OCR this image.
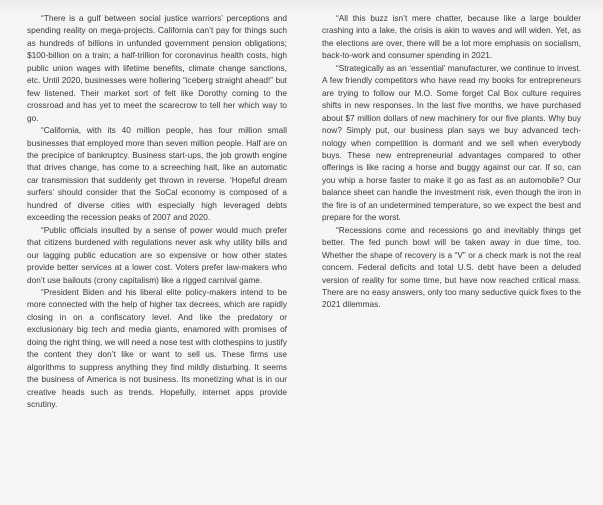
“There is a gulf between social justice warriors’ perceptions and spending reality on mega-projects. California can’t pay for things such as hundreds of billions in unfunded government pension obligations; $100-billion on a train; a half-trillion for coronavirus health costs, high public union wages with lifetime benefits, climate change sanctions, etc. Until 2020, businesses were hollering “iceberg straight ahead!” but few listened. Their market sort of felt like Dorothy coming to the crossroad and has yet to meet the scarecrow to tell her which way to go.

“California, with its 40 million people, has four million small businesses that employed more than seven million people. Half are on the precipice of bankruptcy. Business start-ups, the job growth engine that drives change, has come to a screeching halt, like an automatic car transmission that suddenly get thrown in reverse. ‘Hopeful dream surfers’ should consider that the SoCal economy is composed of a hundred of diverse cities with especially high leveraged debts exceeding the recession peaks of 2007 and 2020.

“Public officials insulted by a sense of power would much prefer that citizens burdened with regulations never ask why utility bills and our lagging public education are so expensive or how other states provide better services at a lower cost. Voters prefer law-makers who don’t use bailouts (crony capitalism) like a rigged carnival game.

“President Biden and his liberal elite policy-makers intend to be more connected with the help of higher tax decrees, which are rapidly closing in on a confiscatory level. And like the predatory or exclusionary big tech and media giants, enamored with promises of doing the right thing, we will need a nose test with clothespins to justify the content they don’t like or want to sell us. These firms use algorithms to suppress anything they find mildly disturbing. It seems the business of America is not business. Its monetizing what is in our creative heads such as trends. Hopefully, internet apps provide scrutiny.

“All this buzz isn’t mere chatter, because like a large boulder crashing into a lake, the crisis is akin to waves and will widen. Yet, as the elections are over, there will be a lot more emphasis on socialism, back-to-work and consumer spending in 2021.

“Strategically as an ‘essential’ manufacturer, we continue to invest. A few friendly competitors who have read my books for entrepreneurs are trying to follow our M.O. Some forget Cal Box culture requires shifts in new responses. In the last five months, we have purchased about $7 million dollars of new machinery for our five plants. Why buy now? Simply put, our business plan says we buy advanced technology when competition is dormant and we sell when everybody buys. These new entrepreneurial advantages compared to other offerings is like racing a horse and buggy against our car. If so, can you whip a horse faster to make it go as fast as an automobile? Our balance sheet can handle the investment risk, even though the iron in the fire is of an undetermined temperature, so we expect the best and prepare for the worst.

“Recessions come and recessions go and inevitably things get better. The fed punch bowl will be taken away in due time, too. Whether the shape of recovery is a “V” or a check mark is not the real concern. Federal deficits and total U.S. debt have been a deluded version of reality for some time, but have now reached critical mass. There are no easy answers, only too many seductive quick fixes to the 2021 dilemmas.
